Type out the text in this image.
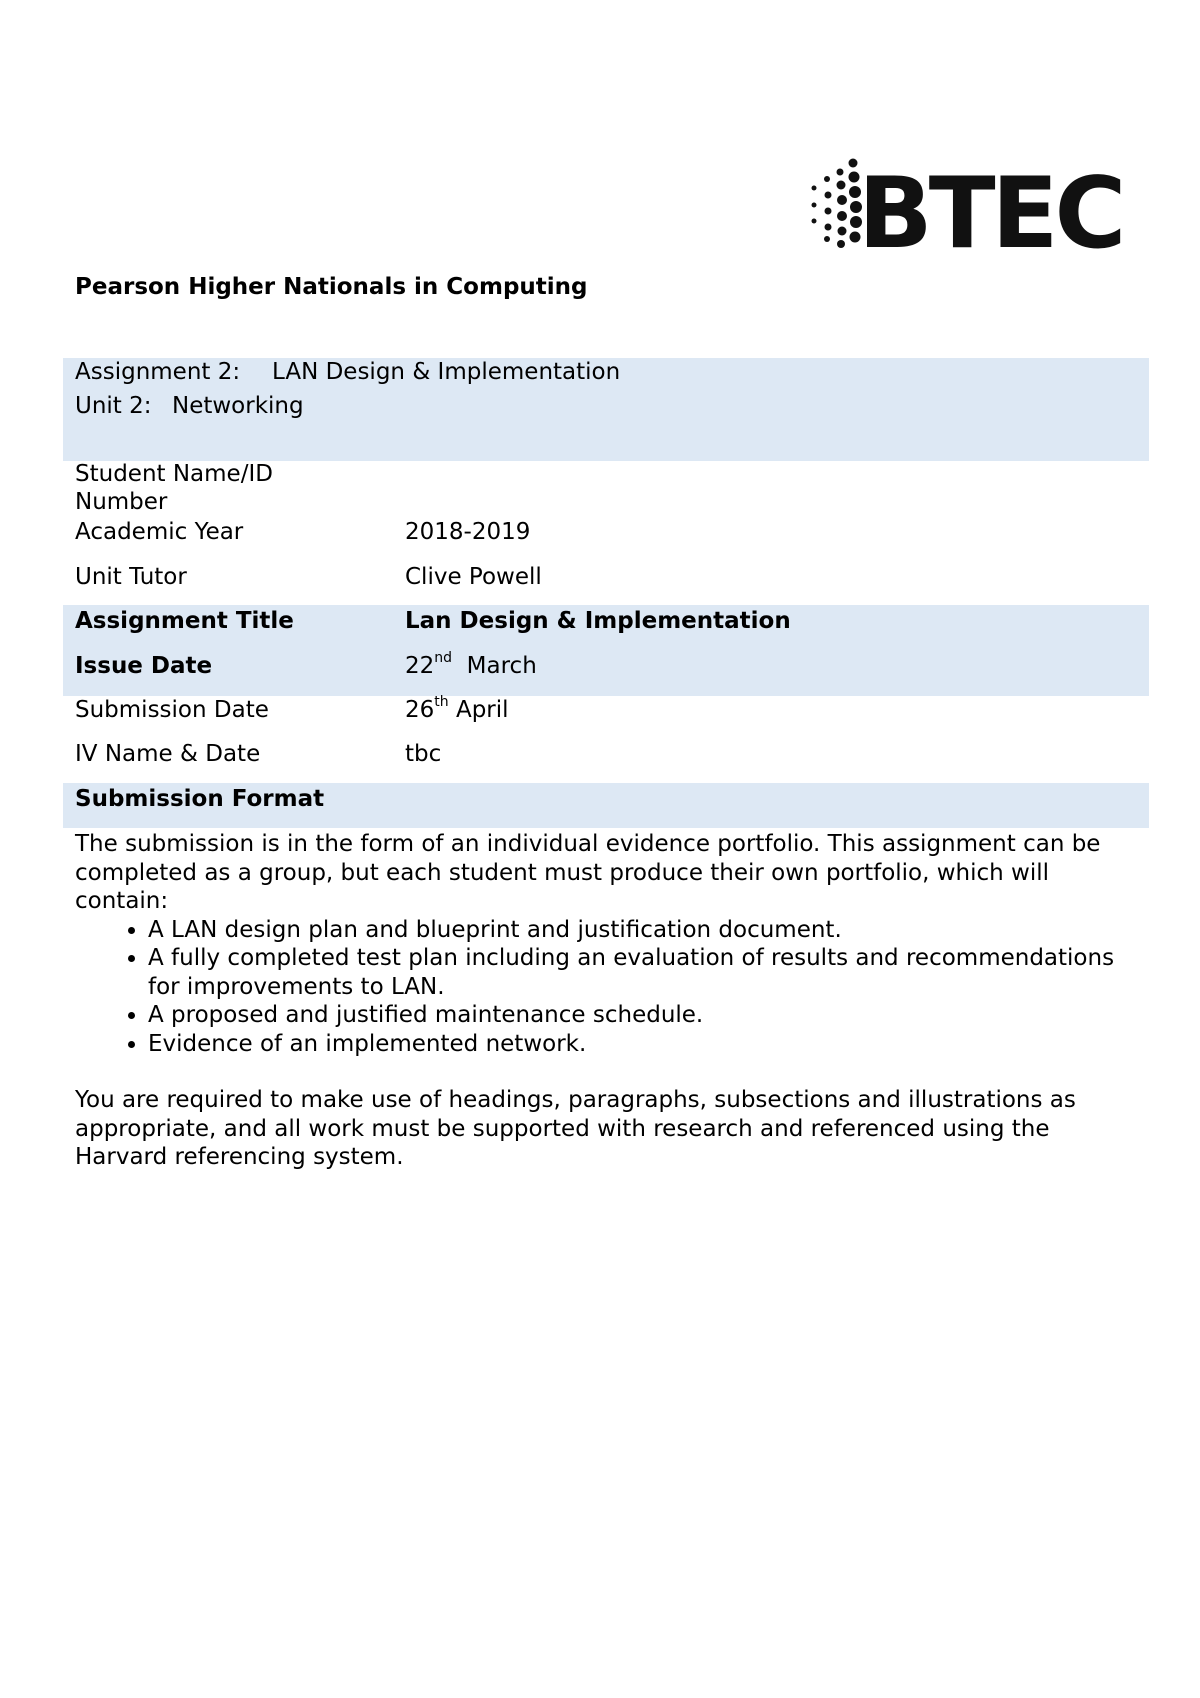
BTEC
Pearson Higher Nationals in Computing
Assignment 2: LAN Design & Implementation
Unit 2: Networking
Student Name/ID
Number
Academic Year	2018-2019
Unit Tutor	Clive Powell
Assignment Title	Lan Design & Implementation
Issue Date	22nd March
Submission Date	26th April
IV Name & Date	tbc
Submission Format

The submission is in the form of an individual evidence portfolio. This assignment can be completed as a group, but each student must produce their own portfolio, which will contain:

• A LAN design plan and blueprint and justification document.
• A fully completed test plan including an evaluation of results and recommendations for improvements to LAN.
• A proposed and justified maintenance schedule.
• Evidence of an implemented network.

You are required to make use of headings, paragraphs, subsections and illustrations as appropriate, and all work must be supported with research and referenced using the Harvard referencing system.
